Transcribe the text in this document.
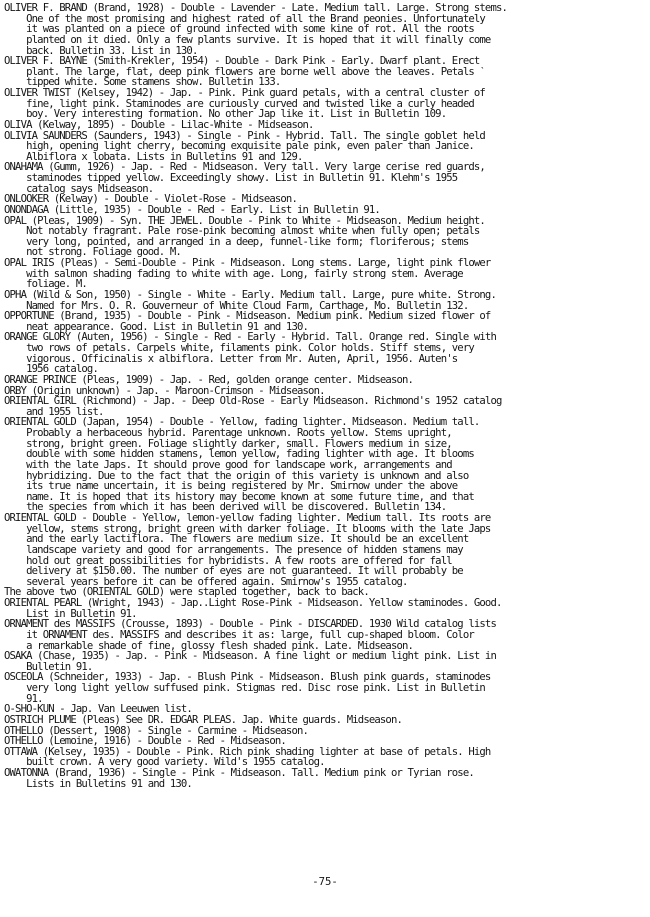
OLIVER F. BRAND (Brand, 1928) - Double - Lavender - Late. Medium tall. Large. Strong stems.
One of the most promising and highest rated of all the Brand peonies. Unfortunately
it was planted on a piece of ground infected with some kine of rot. All the roots
planted on it died. Only a few plants survive. It is hoped that it will finally come
back. Bulletin 33. List in 130.
OLIVER F. BAYNE (Smith-Krekler, 1954) - Double - Dark Pink - Early. Dwarf plant. Erect
plant. The large, flat, deep pink flowers are borne well above the leaves. Petals `
tipped white. Some stamens show. Bulletin 133.
OLIVER TWIST (Kelsey, 1942) - Jap. - Pink. Pink guard petals, with a central cluster of
fine, light pink. Staminodes are curiously curved and twisted like a curly headed
boy. Very interesting formation. No other Jap like it. List in Bulletin 109.
OLIVA (Kelway, 1895) - Double - Lilac-White - Midseason.
OLIVIA SAUNDERS (Saunders, 1943) - Single - Pink - Hybrid. Tall. The single goblet held
high, opening light cherry, becoming exquisite pale pink, even paler than Janice.
Albiflora x lobata. Lists in Bulletins 91 and 129.
ONAHAMA (Gumm, 1926) - Jap. - Red - Midseason. Very tall. Very large cerise red guards,
staminodes tipped yellow. Exceedingly showy. List in Bulletin 91. Klehm's 1955
catalog says Midseason.
ONLOOKER (Kelway) - Double - Violet-Rose - Midseason.
ONONDAGA (Little, 1935) - Double - Red - Early. List in Bulletin 91.
OPAL (Pleas, 1909) - Syn. THE JEWEL. Double - Pink to White - Midseason. Medium height.
Not notably fragrant. Pale rose-pink becoming almost white when fully open; petals
very long, pointed, and arranged in a deep, funnel-like form; floriferous; stems
not strong. Foliage good. M.
OPAL IRIS (Pleas) - Semi-Double - Pink - Midseason. Long stems. Large, light pink flower
with salmon shading fading to white with age. Long, fairly strong stem. Average
foliage. M.
OPHA (Wild & Son, 1950) - Single - White - Early. Medium tall. Large, pure white. Strong.
Named for Mrs. O. R. Gouverneur of White Cloud Farm, Carthage, Mo. Bulletin 132.
OPPORTUNE (Brand, 1935) - Double - Pink - Midseason. Medium pink. Medium sized flower of
neat appearance. Good. List in Bulletin 91 and 130.
ORANGE GLORY (Auten, 1956) - Single - Red - Early - Hybrid. Tall. Orange red. Single with
two rows of petals. Carpels white, filaments pink. Color holds. Stiff stems, very
vigorous. Officinalis x albiflora. Letter from Mr. Auten, April, 1956. Auten's
1956 catalog.
ORANGE PRINCE (Pleas, 1909) - Jap. - Red, golden orange center. Midseason.
ORBY (Origin unknown) - Jap. - Maroon-Crimson - Midseason.
ORIENTAL GIRL (Richmond) - Jap. - Deep Old-Rose - Early Midseason. Richmond's 1952 catalog
and 1955 list.
ORIENTAL GOLD (Japan, 1954) - Double - Yellow, fading lighter. Midseason. Medium tall.
Probably a herbaceous hybrid. Parentage unknown. Roots yellow. Stems upright,
strong, bright green. Foliage slightly darker, small. Flowers medium in size,
double with some hidden stamens, lemon yellow, fading lighter with age. It blooms
with the late Japs. It should prove good for landscape work, arrangements and
hybridizing. Due to the fact that the origin of this variety is unknown and also
its true name uncertain, it is being registered by Mr. Smirnow under the above
name. It is hoped that its history may become known at some future time, and that
the species from which it has been derived will be discovered. Bulletin 134.
ORIENTAL GOLD - Double - Yellow, lemon-yellow fading lighter. Medium tall. Its roots are
yellow, stems strong, bright green with darker foliage. It blooms with the late Japs
and the early lactiflora. The flowers are medium size. It should be an excellent
landscape variety and good for arrangements. The presence of hidden stamens may
hold out great possibilities for hybridists. A few roots are offered for fall
delivery at $150.00. The number of eyes are not guaranteed. It will probably be
several years before it can be offered again. Smirnow's 1955 catalog.
The above two (ORIENTAL GOLD) were stapled together, back to back.
ORIENTAL PEARL (Wright, 1943) - Jap..Light Rose-Pink - Midseason. Yellow staminodes. Good.
List in Bulletin 91.
ORNAMENT des MASSIFS (Crousse, 1893) - Double - Pink - DISCARDED. 1930 Wild catalog lists
it ORNAMENT des. MASSIFS and describes it as: large, full cup-shaped bloom. Color
a remarkable shade of fine, glossy flesh shaded pink. Late. Midseason.
OSAKA (Chase, 1935) - Jap. - Pink - Midseason. A fine light or medium light pink. List in
Bulletin 91.
OSCEOLA (Schneider, 1933) - Jap. - Blush Pink - Midseason. Blush pink guards, staminodes
very long light yellow suffused pink. Stigmas red. Disc rose pink. List in Bulletin
91.
O-SHO-KUN - Jap. Van Leeuwen list.
OSTRICH PLUME (Pleas) See DR. EDGAR PLEAS. Jap. White guards. Midseason.
OTHELLO (Dessert, 1908) - Single - Carmine - Midseason.
OTHELLO (Lemoine, 1916) - Double - Red - Midseason.
OTTAWA (Kelsey, 1935) - Double - Pink. Rich pink shading lighter at base of petals. High
built crown. A very good variety. Wild's 1955 catalog.
OWATONNA (Brand, 1936) - Single - Pink - Midseason. Tall. Medium pink or Tyrian rose.
Lists in Bulletins 91 and 130.
-75-
